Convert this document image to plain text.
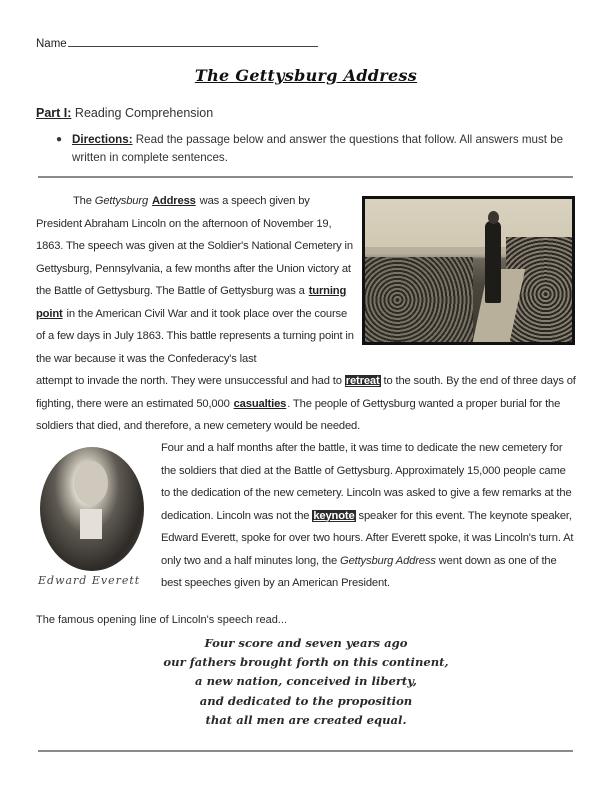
Name
The Gettysburg Address
Part I: Reading Comprehension
● Directions: Read the passage below and answer the questions that follow. All answers must be written in complete sentences.

The Gettysburg Address was a speech given by President Abraham Lincoln on the afternoon of November 19, 1863. The speech was given at the Soldier's National Cemetery in Gettysburg, Pennsylvania, a few months after the Union victory at the Battle of Gettysburg. The Battle of Gettysburg was a turning point in the American Civil War and it took place over the course of a few days in July 1863. This battle represents a turning point in the war because it was the Confederacy's last

attempt to invade the north. They were unsuccessful and had to retreat to the south. By the end of three days of fighting, there were an estimated 50,000 casualties. The people of Gettysburg wanted a proper burial for the soldiers that died, and therefore, a new cemetery would be needed.

Edward Everett

Four and a half months after the battle, it was time to dedicate the new cemetery for the soldiers that died at the Battle of Gettysburg. Approximately 15,000 people came to the dedication of the new cemetery. Lincoln was asked to give a few remarks at the dedication. Lincoln was not the keynote speaker for this event. The keynote speaker, Edward Everett, spoke for over two hours. After Everett spoke, it was Lincoln's turn. At only two and a half minutes long, the Gettysburg Address went down as one of the best speeches given by an American President.

The famous opening line of Lincoln's speech read...
Four score and seven years ago
our fathers brought forth on this continent,
a new nation, conceived in liberty,
and dedicated to the proposition
that all men are created equal.
